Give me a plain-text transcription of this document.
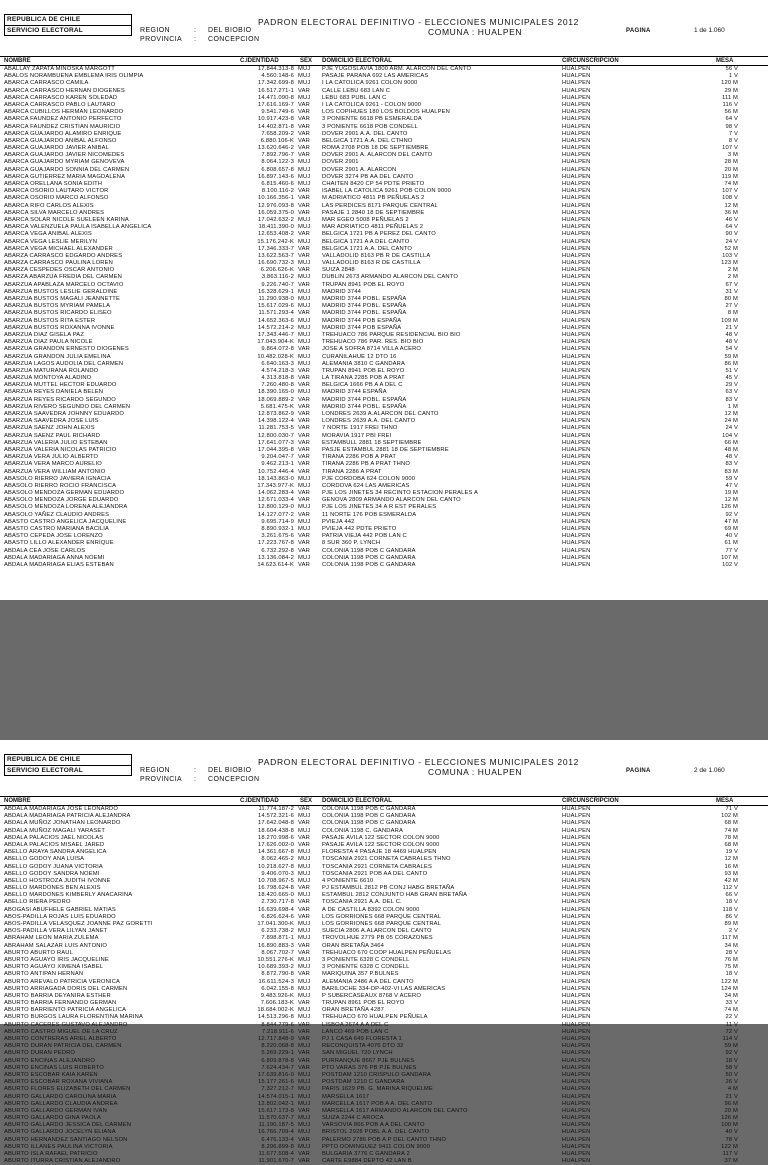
REPUBLICA DE CHILE
SERVICIO ELECTORAL	REGION	: DEL BIOBIO
PROVINCIA : CONCEPCION
PADRON ELECTORAL DEFINITIVO - ELECCIONES MUNICIPALES 2012
COMUNA : HUALPEN	PAGINA	1 de 1.060
NOMBRE	C.IDENTIDAD	SEX DOMICILIO ELECTORAL	CIRCUNSCRIPCION	MESA
ABALLAY ZAPATA MINOSKA MARGOTT	17.844.313-8 MUJ	PJE YUGOSLAVIA 1800 ARM. ALARCON DEL CANTO	HUALPEN	56 V
ABALOS NORAMBUENA EMBLEMA IRIS OLIMPIA	4.560.148-6 MUJ	PASAJE PARANA 692 LAS AMERICAS	HUALPEN	1 V
ABARCA CARRASCO CAMILA	17.342.699-8 MUJ	I LA CATOLICA 9261 COLON 9000	HUALPEN	120 M
ABARCA CARRASCO HERNAN DIOGENES	16.517.271-1 VAR	CALLE LEBU 683 LAN C	HUALPEN	29 M
ABARCA CARRASCO KAREN SOLEDAD	14.471.090-8 MUJ	LEBU 683 PUBL LAN C	HUALPEN	111 M
ABARCA CARRASCO PABLO LAUTARO	17.616.169-7 VAR	I LA CATOLICA 9261 - COLON 9000	HUALPEN	116 V
ABARCA CUBILLOS HERMAN LEONARDO	9.541.749-6 VAR	LOS COPIHUES 180 LOS BOLDOS HUALPEN	HUALPEN	56 M
ABARCA FAUNDEZ ANTONIO PERFECTO	10.917.423-8 VAR	3 PONIENTE 6618 PB ESMERALDA	HUALPEN	64 V
ABARCA FAUNDEZ CRISTIAN MAURICIO	14.402.871-8 VAR	3 PONIENTE 6618 POB CONDELL	HUALPEN	98 V
ABARCA GUAJARDO ALAMIRO ENRIQUE	7.658.209-2 VAR	DOVER 2901 A.A. DEL CANTO	HUALPEN	7 V
ABARCA GUAJARDO ANIBAL ALFONSO	6.880.106-K VAR	BELGICA 1721 A.A. DEL CTHNO	HUALPEN	8 V
ABARCA GUAJARDO JAVIER ANIBAL	13.620.646-2 VAR	ROMA 2708 POB 18 DE SEPTIEMBRE	HUALPEN	107 V
ABARCA GUAJARDO JAVIER NICOMEDES	7.892.796-7 VAR	DOVER 2901 A. ALARCON DEL CANTO	HUALPEN	3 M
ABARCA GUAJARDO MYRIAM GENOVEVA	8.064.122-3 MUJ	DOVER 2901	HUALPEN	28 M
ABARCA GUAJARDO SONNIA DEL CARMEN	6.808.657-8 MUJ	DOVER 2901 A. ALARCON	HUALPEN	20 M
ABARCA GUTIERREZ MARIA MAGDALENA	16.897.143-6 MUJ	DOVER 3274 PB AA DEL CANTO	HUALPEN	119 M
ABARCA ORELLANA SONIA EDITH	6.815.460-6 MUJ	CHAITEN 8420 CP 54 PDTE PRIETO	HUALPEN	74 M
ABARCA OSORIO LAUTARO VICTOR	8.100.116-2 VAR	ISABEL LA CATOLICA 9261 POB COLON 9000	HUALPEN	107 V
ABARCA OSORIO MARCO ALFONSO	10.166.356-1 VAR	M ADRIATICO 4811 PB PEÑUELAS 2	HUALPEN	108 V
ABARCA RIFO CARLOS ALEXIS	12.976.093-8 VAR	LAS PERDICES 8171 PARQUE CENTRAL	HUALPEN	12 M
ABARCA SILVA MARCELO ANDRES	16.059.375-0 VAR	PASAJE 1 2840 18 DE SEPTIEMBRE	HUALPEN	36 M
ABARCA SOLAR NICOLE SUELEEN KARINA	17.042.632-2 MUJ	MAR EGEO 5008 PEÑUELAS 2	HUALPEN	46 V
ABARCA VALENZUELA PAULA ISABELLA ANGELICA	18.411.390-0 MUJ	MAR ADRIATICO 4811 PEÑUELAS 2	HUALPEN	64 V
ABARCA VEGA ANIBAL ALEXIS	12.653.408-2 VAR	BELGICA 1721 PB A PEREZ DEL CANTO	HUALPEN	90 V
ABARCA VEGA LESLIE MERILYN	15.176.242-K MUJ	BELGICA 1721 A A DEL CANTO	HUALPEN	24 V
ABARCA VEGA MICHAEL ALEXANDER	17.346.333-7 VAR	BELGICA 1721 A.A. DEL CANTO	HUALPEN	52 M
ABARZA CARRASCO EDGARDO ANDRES	13.622.563-7 VAR	VALLADOLID 8163 PB R DE CASTILLA	HUALPEN	103 V
ABARZA CARRASCO PAULINA LOREN	16.690.732-3 MUJ	VALLADOLID 8163 R DE CASTILLA	HUALPEN	123 M
ABARZA CESPEDES OSCAR ANTONIO	6.206.626-K VAR	SUIZA 2848	HUALPEN	2 M
ABARZA ABARZUA FREDIA DEL CARMEN	3.863.116-2 MUJ	DUBLIN 2673 ARMANDO ALARCON DEL CANTO	HUALPEN	2 M
ABARZUA APABLAZA MARCELO OCTAVIO	9.226.740-7 VAR	TRUPAN 8941 POB EL ROYO	HUALPEN	67 V
ABARZUA BUSTOS LESLIE GERALDINE	16.328.629-1 MUJ	MADRID 3744	HUALPEN	31 V
ABARZUA BUSTOS MAGALI JEANNETTE	11.290.938-0 MUJ	MADRID 3744 POBL. ESPAÑA	HUALPEN	80 M
ABARZUA BUSTOS MYRIAM PAMELA	15.617.029-6 MUJ	MADRID 3744 POBL. ESPAÑA	HUALPEN	27 V
ABARZUA BUSTOS RICARDO ELISEO	11.571.293-4 VAR	MADRID 3744 POBL. ESPAÑA	HUALPEN	8 M
ABARZUA BUSTOS RITA ESTER	14.652.363-6 MUJ	MADRID 3744 POB ESPAÑA	HUALPEN	109 M
ABARZUA BUSTOS ROXANNA IVONNE	14.572.214-2 MUJ	MADRID 3744 POB ESPAÑA	HUALPEN	21 V
ABARZUA DIAZ GISELA PAZ	17.343.446-7 MUJ	TREHUACO 786 PARQUE RESIDENCIAL BIO BIO	HUALPEN	48 V
ABARZUA DIAZ PAULA NICOLE	17.043.904-K MUJ	TREHUACO 786 PAR. RES. BIO BIO	HUALPEN	48 V
ABARZUA GRANDON ERNESTO DIOGENES	9.864.072-8 VAR	JOSE A SOFRA 8714 VILLA ACERO	HUALPEN	54 V
ABARZUA GRANDON JULIA EMELINA	10.482.028-K MUJ	CURANILAHUE 12 DTO 16	HUALPEN	59 M
ABARZUA LAGOS AUDOLIA DEL CARMEN	6.640.163-3 MUJ	ALEMANIA 3810 C GANDARA	HUALPEN	86 M
ABARZUA MATURANA ROLANDO	4.574.218-3 VAR	TRUPAN 8941 POB EL ROYO	HUALPEN	51 V
ABARZUA MONTOYA ALADINO	4.313.818-8 VAR	LA TIRANA 2285 POB A PRAT	HUALPEN	45 V
ABARZUA MUTTEL HECTOR EDUARDO	7.260.480-8 VAR	BELGICA 1666 PB A A DEL C	HUALPEN	29 V
ABARZUA REYES DANIELA BELEN	18.390.165-0 MUJ	MADRID 3744 ESPAÑA	HUALPEN	63 V
ABARZUA REYES RICARDO SEGUNDO	18.069.889-2 VAR	MADRID 3744 POBL. ESPAÑA	HUALPEN	83 V
ABARZUA RIVERO SEGUNDO DEL CARMEN	5.681.475-K VAR	MADRID 3744 POBL. ESPAÑA	HUALPEN	1 M
ABARZUA SAAVEDRA JOHNNY EDUARDO	12.873.862-9 VAR	LONDRES 2639 A.ALARCON DEL CANTO	HUALPEN	12 M
ABARZUA SAAVEDRA JOSE LUIS	14.398.122-4 VAR	LONDRES 2639 A.A. DEL CANTO	HUALPEN	24 M
ABARZUA SAENZ JOHN ALEXIS	11.281.753-5 VAR	7 NORTE 1917 FREI THNO	HUALPEN	24 V
ABARZUA SAENZ PAUL RICHARD	12.800.030-7 VAR	MORAVIA 1917 PBI FREI	HUALPEN	104 V
ABARZUA VALERIA JULIO ESTEBAN	17.641.077-3 VAR	ESTAMBULL 2881 18 SEPTIEMBRE	HUALPEN	66 M
ABARZUA VALERIA NICOLAS PATRICIO	17.044.395-8 VAR	PASJE ESTAMBUL 2881 18 DE SEPTIEMBRE	HUALPEN	48 M
ABARZUA VERA JULIO ALBERTO	9.204.047-7 VAR	TIRANA 2286 POB A PRAT	HUALPEN	48 V
ABARZUA VERA MARCO AURELIO	9.462.213-1 VAR	TIRANA 2286 PB A PRAT THNO	HUALPEN	83 V
ABARZUA VERA WILLIAM ANTONIO	10.752.446-4 VAR	TIRANA 2286 A PRAT	HUALPEN	83 M
ABASOLO RIERRO JAVIERA IGNACIA	18.143.863-0 MUJ	PJE CORDOBA 624 COLON 9000	HUALPEN	59 V
ABASOLO RIERRO ROCIO FRANCISCA	17.343.977-K MUJ	CORDOVA 624 LAS AMERICAS	HUALPEN	47 V
ABASOLO MENDOZA GERMAN EDUARDO	14.062.283-4 VAR	PJE LOS JINETES 34 RECINTO ESTACION PERALES A	HUALPEN	19 M
ABASOLO MENDOZA JORGE EDUARDO	12.671.033-4 VAR	GENOVA 2809 ARMANDO ALARCON DEL CANTO	HUALPEN	12 M
ABASOLO MENDOZA LORENA ALEJANDRA	12.800.129-0 MUJ	PJE LOS JINETES 34 A R EST PERALES	HUALPEN	126 M
ABASOLO YAÑEZ CLAUDIO ANDRES	14.127.077-2 VAR	11 NORTE 176 POB ESMERALDA	HUALPEN	92 V
ABASTO CASTRO ANGELICA JACQUELINE	9.695.714-9 MUJ	PVIEJA 442	HUALPEN	47 M
ABASTO CASTRO MARIANA BACILIA	8.890.932-1 MUJ	PVIEJA 442 PDTE PRIETO	HUALPEN	69 M
ABASTO CEPEDA JOSE LORENZO	3.261.675-6 VAR	PATRIA VIEJA 442 POB LAN C	HUALPEN	40 V
ABASTO LILLO ALEXANDER ENRIQUE	17.223.767-8 VAR	8 SUR 360 P. LYNCH	HUALPEN	61 M
ABDALA CEA JOSE CARLOS	6.732.292-8 VAR	COLONIA 1198 POB C GANDARA	HUALPEN	77 V
ABDALA MADARIAGA ANNA NOEMI	13.136.084-2 MUJ	COLONIA 1198 POB C GANDARA	HUALPEN	107 M
ABDALA MADARIAGA ELIAS ESTEBAN	14.623.614-K VAR	COLONIA 1198 POB C GANDARA	HUALPEN	102 V
REPUBLICA DE CHILE
SERVICIO ELECTORAL	REGION	: DEL BIOBIO
PROVINCIA : CONCEPCION
PADRON ELECTORAL DEFINITIVO - ELECCIONES MUNICIPALES 2012
COMUNA : HUALPEN	PAGINA	2 de 1.060
NOMBRE	C.IDENTIDAD	SEX DOMICILIO ELECTORAL	CIRCUNSCRIPCION	MESA
ABDALA MADARIAGA JOSE LEONARDO	11.774.187-2 VAR	COLONIA 1198 POB C GANDARA	HUALPEN	71 V
ABDALA MADARIAGA PATRICIA ALEJANDRA	14.572.321-6 MUJ	COLONIA 1198 POB C GANDARA	HUALPEN	102 M
ABDALA MUÑOZ JONATHAN LEONARDO	17.642.048-8 VAR	COLONIA 1198 POB C GANDARA	HUALPEN	68 M
ABDALA MUÑOZ MAGALI YARASET	18.604.438-8 MUJ	COLONIA 1198 C. GANDARA	HUALPEN	74 M
ABDALA PALACIOS JAEL NICOLAS	18.270.998-6 VAR	PASAJE AVILA 122 SECTOR COLON 9000	HUALPEN	78 M
ABDALA PALACIOS MISAEL JARED	17.626.002-0 VAR	PASAJE AVILA 122 SECTOR COLON 9000	HUALPEN	68 M
ABELLO ARAYA SANDRA ANGELICA	14.361.667-8 MUJ	FLORESTA 4 PASAJE 18 4469 HUALPEN	HUALPEN	19 V
ABELLO GODOY ANA LUISA	8.062.465-2 MUJ	TOSCANIA 2921 CORNETA CABRALES THNO	HUALPEN	12 M
ABELLO GODOY JUANA VICTORIA	10.218.627-8 MUJ	TOSCANIA 2921 CORNETA CABRALES	HUALPEN	16 M
ABELLO GODOY SANDRA NOEMI	9.406.070-3 MUJ	TOSCANIA 2921 POB AA DEL CANTO	HUALPEN	93 M
ABELLO HOSTROZA JUDITH IVONNE	10.708.967-5 MUJ	4 PONIENTE 6610	HUALPEN	42 M
ABELLO MARDONES BEN ALEXIS	16.798.624-8 VAR	PJ ESTAMBUL 2812 PB CONJ HABG BRETAÑA	HUALPEN	112 V
ABELLO MARDONES KIMBERLY ANACARINA	18.420.665-0 MUJ	ESTAMBUL 2812 CONJUNTO HAB GRAN BRETAÑA	HUALPEN	66 V
ABELLO RIERA PEDRO	2.730.717-8 VAR	TOSCANIA 2921 A.A. DEL C.	HUALPEN	18 V
ABOGASI ABUFHELE GABRIEL MATIAS	16.639.698-4 VAR	A DE CASTILLA 8392 COLON 9000	HUALPEN	118 V
ABOS-PADILLA ROJAS LUIS EDUARDO	6.826.624-6 VAR	LOS GORRIONES 668 PARQUE CENTRAL	HUALPEN	86 V
ABOS-PADILLA VELASQUEZ JOANNE PAZ GORETTI	17.041.300-K MUJ	LOS GORRIONES 668 PARQUE CENTRAL	HUALPEN	89 M
ABOS-PADILLA VERA LILYAN JANET	6.233.738-2 MUJ	SUECIA 2806 A.ALARCON DEL CANTO	HUALPEN	2 V
ABRAHAM LEON MARIA ZULEMA	7.898.871-1 MUJ	TROVOLHUE 2779 PB 05 CORAZONES	HUALPEN	117 M
ABRAHAM SALAZAR LUIS ANTONIO	16.890.883-3 VAR	ORAN BRETAÑA 3464	HUALPEN	34 M
ABURTO ABURTO RAUL	8.067.702-7 VAR	TREHUACO 670 COOP HUALPEN PEÑUELAS	HUALPEN	28 V
ABURTO AGUAYO IRIS JACQUELINE	10.551.276-K MUJ	3 PONIENTE 6328 C CONDELL	HUALPEN	76 M
ABURTO AGUAYO XIMENA ISABEL	10.689.393-2 MUJ	3 PONIENTE 6328 C CONDELL	HUALPEN	75 M
ABURTO ANTIPAN HERNAN	8.872.790-8 VAR	MARIQUINA 357 P.BULNES	HUALPEN	18 V
ABURTO AREVALO PATRICIA VERONICA	16.611.524-3 MUJ	ALEMANIA 2486 A A DEL CANTO	HUALPEN	122 M
ABURTO ARRIAGADA DORIS DEL CARMEN	6.042.155-8 MUJ	BARILOCHE 334-DP-402-VI LAS AMERICAS	HUALPEN	124 M
ABURTO BARRIA DEYANIRA ESTHER	9.483.926-K MUJ	P SUBERCASEAUX 8768 V ACERO	HUALPEN	34 M
ABURTO BARRIA FERNANDO GERMAN	7.606.183-K VAR	TRUPAN 8961 POB EL ROYO	HUALPEN	33 V
ABURTO BARRIENTO PATRICIA ANGELICA	18.684.002-K MUJ	ORAN BRETAÑA 4287	HUALPEN	74 M
ABURTO BURGOS LAURA FLORENTINA MARINA	14.513.296-8 MUJ	TREHUACO 670 HUALPEN PEÑUELA	HUALPEN	22 V
ABURTO CACERES GUSTAVO ALEJANDRO	8.844.779-6 VAR	LISBOA 2674 A A DEL C	HUALPEN	11 V
ABURTO CASTRO MIGUEL DE LA CRUZ	7.218.911-6 VAR	LANCO 469 POB LAN C	HUALPEN	72 V
ABURTO CONTRERAS ARIEL ALBERTO	12.717.848-9 VAR	PJ 1 CASA 649 FLORESTA 1	HUALPEN	114 V
ABURTO DURAN PATRICIA DEL CARMEN	8.220.068-8 MUJ	RECONQUISTA 4076 DTO 32	HUALPEN	59 M
ABURTO DURAN PEDRO	5.269.229-1 VAR	SAN MIGUEL 720 LYNCH	HUALPEN	92 V
ABURTO ENCINAS ALEJANDRO	6.809.878-8 VAR	PURRANQUE 8667 PJE BULNES	HUALPEN	18 V
ABURTO ENCINAS LUIS ROBERTO	7.624.434-7 VAR	PTO VARAS 376 PB PJE BULNES	HUALPEN	58 V
ABURTO ESCOBAR KAIA KAREN	17.639.816-0 MUJ	POSTDAM 1210 CRISPULO GANDARA	HUALPEN	50 V
ABURTO ESCOBAR ROXANA VIVIANA	15.177.261-6 MUJ	POSTDAM 1210 C GANDARA	HUALPEN	26 V
ABURTO FLORES ELIZABETH DEL CARMEN	7.327.212-7 MUJ	PARIS 1629 PB. G. MARINA RIQUELME	HUALPEN	4 M
ABURTO GALLARDO CAROLINA MARIA	14.574.015-1 MUJ	MARSELLA 1617	HUALPEN	21 V
ABURTO GALLARDO CLAUDIA ANDREA	12.802.042-1 MUJ	MARCELLA 1617 POB A A. DEL CANTO	HUALPEN	96 M
ABURTO GALLARDO GERMAN IVAN	15.617.173-8 VAR	MARSELLA 1617 ARMANDO ALARCON DEL CANTO	HUALPEN	20 M
ABURTO GALLARDO GINA PAOLA	11.570.637-7 MUJ	SUIZA 2244 C AROCA	HUALPEN	126 M
ABURTO GALLARDO JESSICA DEL CARMEN	11.190.187-5 MUJ	VARSOVIA 866 POB A A DEL CANTO	HUALPEN	100 M
ABURTO GALLARDO JOCELYN ELIANA	16.766.709-4 MUJ	BRISTOL 2928 POBL A.A. DEL CANTO	HUALPEN	40 V
ABURTO HERNANDEZ SANTIAGO NELSON	6.476.133-4 VAR	PALERMO 2786 POB A P DEL CANTO THNO	HUALPEN	78 V
ABURTO ILLANES PAULINA VICTORIA	8.296.899-8 MUJ	PPTO DOMINGUEZ 9411 COLON 9000	HUALPEN	122 M
ABURTO ISLA RAFAEL PATRICIO	11.677.508-4 VAR	BULGARIA 3776 C GANDARA 2	HUALPEN	117 V
ABURTO ITURRA CRISTIAN ALEJANDRO	11.901.670-7 VAR	CARTE E9884 DEPTO 42 LAN B	HUALPEN	37 M
